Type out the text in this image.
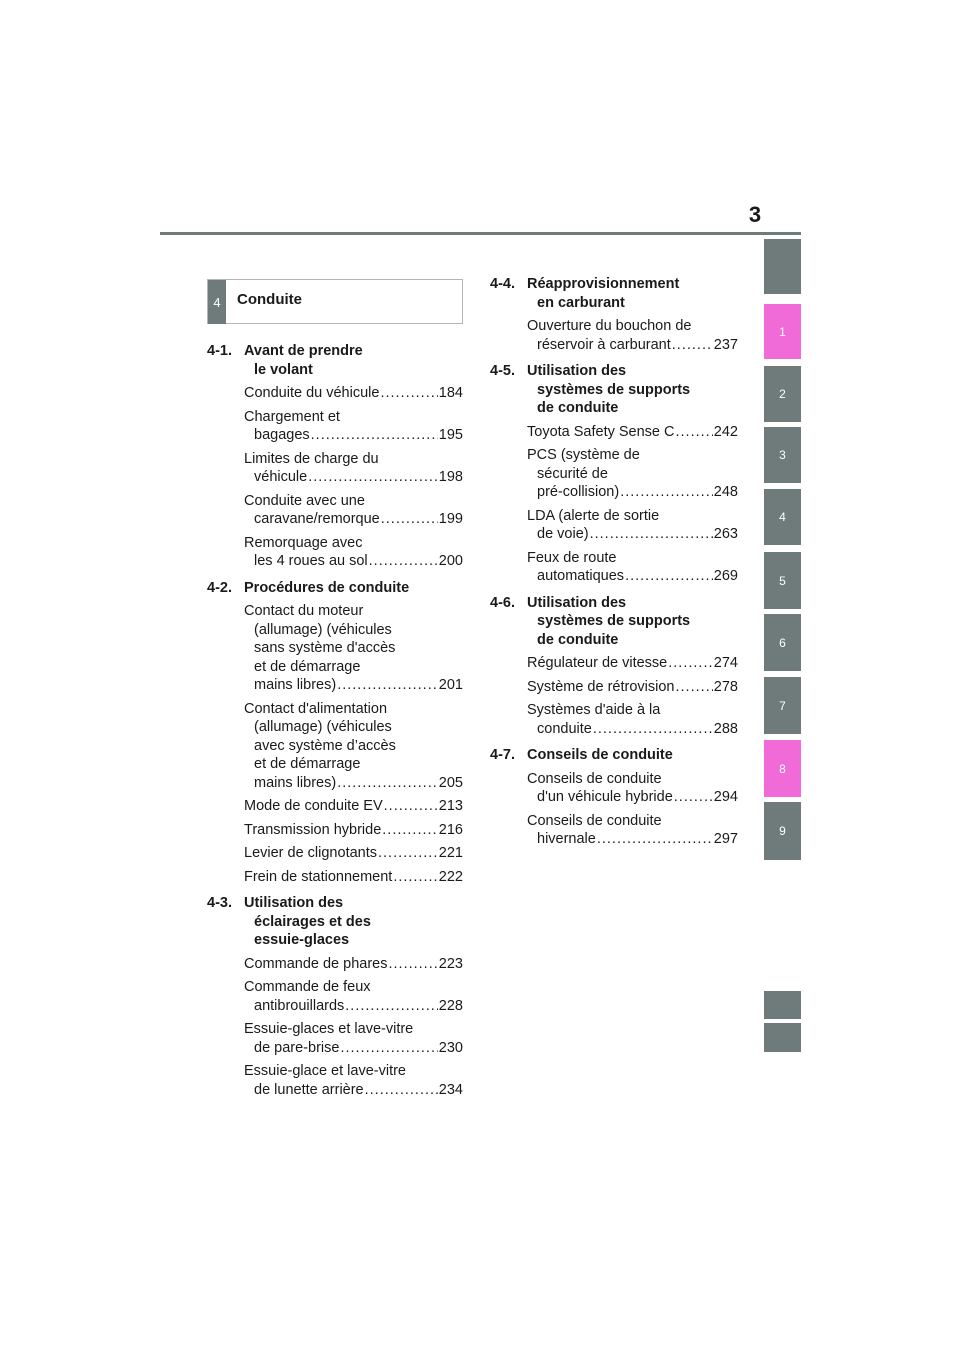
3
1
2
3
4
5
6
7
8
9
4	Conduite
4-1. Avant de prendre
le volant
Conduite du véhicule .....	184
Chargement et
bagages .....	195
Limites de charge du
véhicule .....	198
Conduite avec une
caravane/remorque .....	199
Remorquage avec
les 4 roues au sol .....	200
4-2. Procédures de conduite
Contact du moteur
(allumage) (véhicules
sans système d'accès
et de démarrage
mains libres) .....	201
Contact d'alimentation
(allumage) (véhicules
avec système d’accès
et de démarrage
mains libres) .....	205
Mode de conduite EV .....	213
Transmission hybride .....	216
Levier de clignotants .....	221
Frein de stationnement .....	222
4-3. Utilisation des
éclairages et des
essuie-glaces
Commande de phares .....	223
Commande de feux
antibrouillards .....	228
Essuie-glaces et lave-vitre
de pare-brise .....	230
Essuie-glace et lave-vitre
de lunette arrière .....	234
4-4. Réapprovisionnement
en carburant
Ouverture du bouchon de
réservoir à carburant .....	237
4-5. Utilisation des
systèmes de supports
de conduite
Toyota Safety Sense C .....	242
PCS (système de
sécurité de
pré-collision) .....	248
LDA (alerte de sortie
de voie) .....	263
Feux de route
automatiques .....	269
4-6. Utilisation des
systèmes de supports
de conduite
Régulateur de vitesse .....	274
Système de rétrovision .....	278
Systèmes d'aide à la
conduite .....	288
4-7. Conseils de conduite
Conseils de conduite
d'un véhicule hybride .....	294
Conseils de conduite
hivernale .....	297
